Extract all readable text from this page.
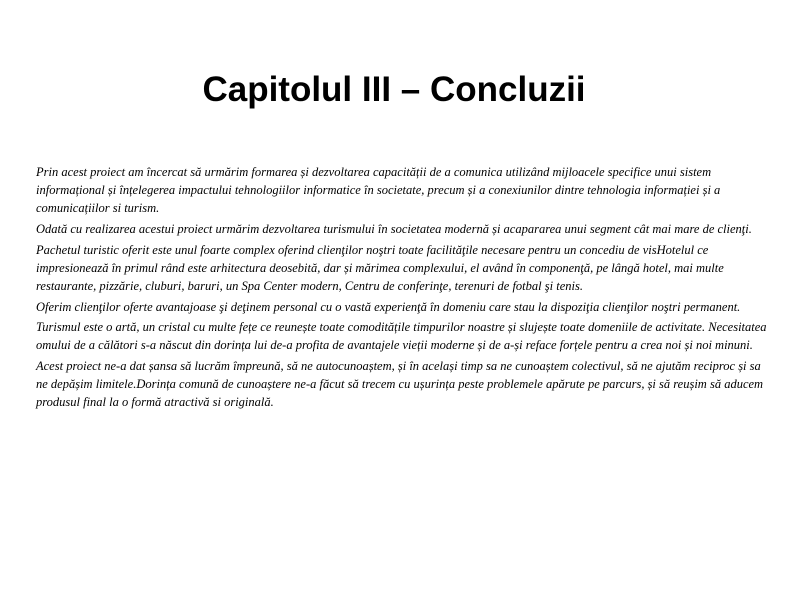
Capitolul III – Concluzii

Prin acest proiect am încercat să urmărim formarea și dezvoltarea capacității de a comunica utilizând mijloacele specifice unui sistem informațional și înțelegerea impactului tehnologiilor informatice în societate, precum și a conexiunilor dintre tehnologia informației și a comunicațiilor si turism.

Odată cu realizarea acestui proiect urmărim dezvoltarea turismului în societatea modernă și acapararea unui segment cât mai mare de clienţi.

Pachetul turistic oferit este unul foarte complex oferind clienţilor noştri toate facilităţile necesare pentru un concediu de visHotelul ce impresionează în primul rând este arhitectura deosebită, dar și mărimea complexului, el având în componenţă, pe lângă hotel, mai multe restaurante, pizzărie, cluburi, baruri, un Spa Center modern, Centru de conferinţe, terenuri de fotbal şi tenis.

Oferim clienţilor oferte avantajoase şi deţinem personal cu o vastă experienţă în domeniu care stau la dispoziţia clienţilor noştri permanent.

Turismul este o artă, un cristal cu multe fețe ce reunește toate comoditățile timpurilor noastre și slujește toate domeniile de activitate. Necesitatea omului de a călători s-a născut din dorința lui de-a profita de avantajele vieții moderne și de a-și reface forțele pentru a crea noi și noi minuni.

Acest proiect ne-a dat șansa să lucrăm împreună, să ne autocunoaștem, și în același timp sa ne cunoaștem colectivul, să ne ajutăm reciproc și sa ne depășim limitele.Dorința comună de cunoaștere ne-a făcut să trecem cu ușurința peste problemele apărute pe parcurs, și să reușim să aducem produsul final la o formă atractivă si originală.
